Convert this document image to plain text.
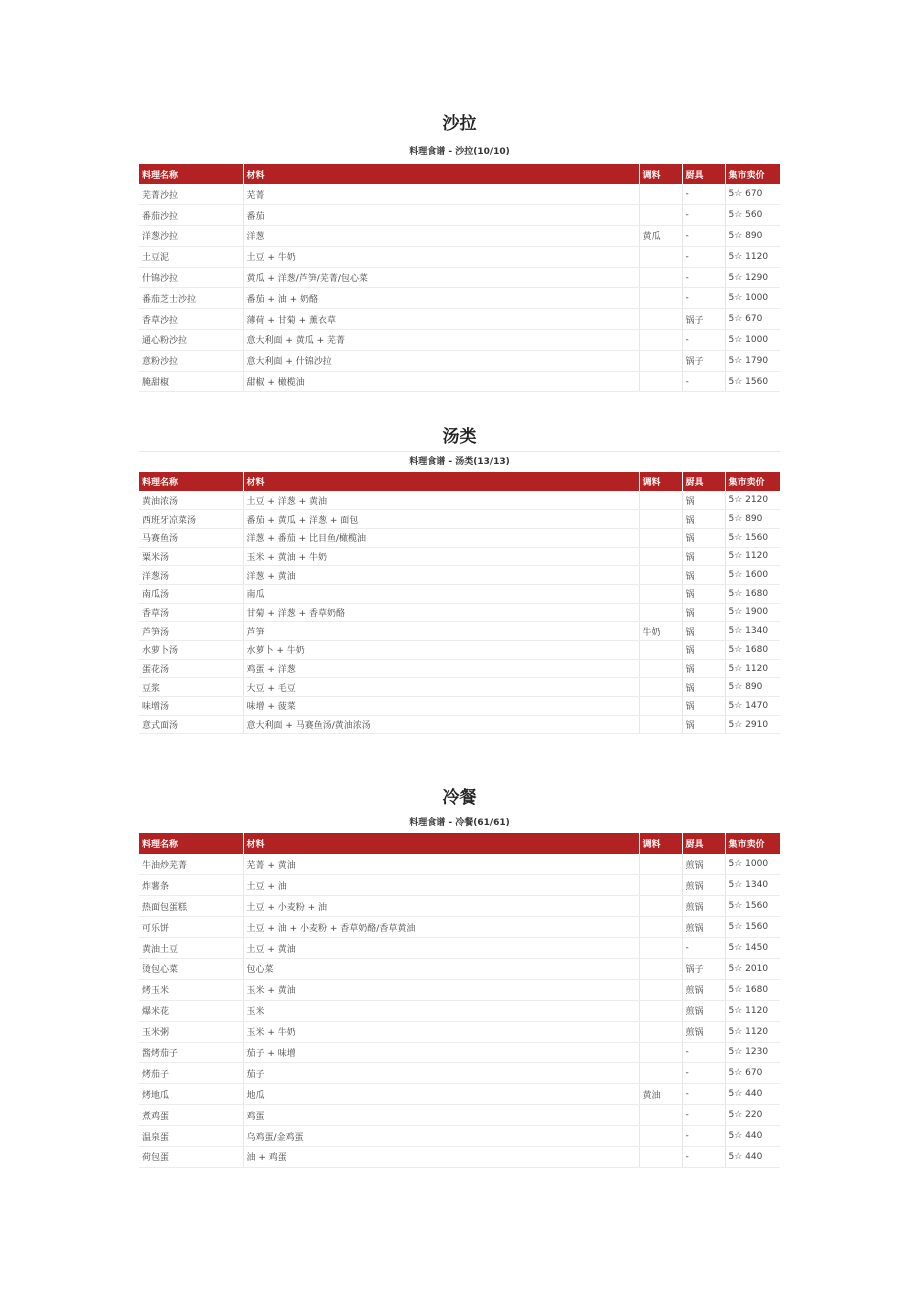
沙拉
料理食谱 - 沙拉(10/10)
料理名称	材料	调料	厨具	集市卖价
芜菁沙拉	芜菁		-	5☆ 670
番茄沙拉	番茄		-	5☆ 560
洋葱沙拉	洋葱	黄瓜	-	5☆ 890
土豆泥	土豆 + 牛奶		-	5☆ 1120
什锦沙拉	黄瓜 + 洋葱/芦笋/芜菁/包心菜		-	5☆ 1290
番茄芝士沙拉	番茄 + 油 + 奶酪		-	5☆ 1000
香草沙拉	薄荷 + 甘菊 + 薰衣草		锅子	5☆ 670
通心粉沙拉	意大利面 + 黄瓜 + 芜菁		-	5☆ 1000
意粉沙拉	意大利面 + 什锦沙拉		锅子	5☆ 1790
腌甜椒	甜椒 + 橄榄油		-	5☆ 1560
汤类
料理食谱 - 汤类(13/13)
料理名称	材料	调料	厨具	集市卖价
黄油浓汤	土豆 + 洋葱 + 黄油		锅	5☆ 2120
西班牙凉菜汤	番茄 + 黄瓜 + 洋葱 + 面包		锅	5☆ 890
马赛鱼汤	洋葱 + 番茄 + 比目鱼/橄榄油		锅	5☆ 1560
粟米汤	玉米 + 黄油 + 牛奶		锅	5☆ 1120
洋葱汤	洋葱 + 黄油		锅	5☆ 1600
南瓜汤	南瓜		锅	5☆ 1680
香草汤	甘菊 + 洋葱 + 香草奶酪		锅	5☆ 1900
芦笋汤	芦笋	牛奶	锅	5☆ 1340
水萝卜汤	水萝卜 + 牛奶		锅	5☆ 1680
蛋花汤	鸡蛋 + 洋葱		锅	5☆ 1120
豆浆	大豆 + 毛豆		锅	5☆ 890
味增汤	味增 + 菠菜		锅	5☆ 1470
意式面汤	意大利面 + 马赛鱼汤/黄油浓汤		锅	5☆ 2910
冷餐
料理食谱 - 冷餐(61/61)
料理名称	材料	调料	厨具	集市卖价
牛油炒芜菁	芜菁 + 黄油		煎锅	5☆ 1000
炸薯条	土豆 + 油		煎锅	5☆ 1340
热面包蛋糕	土豆 + 小麦粉 + 油		煎锅	5☆ 1560
可乐饼	土豆 + 油 + 小麦粉 + 香草奶酪/香草黄油		煎锅	5☆ 1560
黄油土豆	土豆 + 黄油		-	5☆ 1450
烫包心菜	包心菜		锅子	5☆ 2010
烤玉米	玉米 + 黄油		煎锅	5☆ 1680
爆米花	玉米		煎锅	5☆ 1120
玉米粥	玉米 + 牛奶		煎锅	5☆ 1120
酱烤茄子	茄子 + 味增		-	5☆ 1230
烤茄子	茄子		-	5☆ 670
烤地瓜	地瓜	黄油	-	5☆ 440
煮鸡蛋	鸡蛋		-	5☆ 220
温泉蛋	乌鸡蛋/金鸡蛋		-	5☆ 440
荷包蛋	油 + 鸡蛋		-	5☆ 440
